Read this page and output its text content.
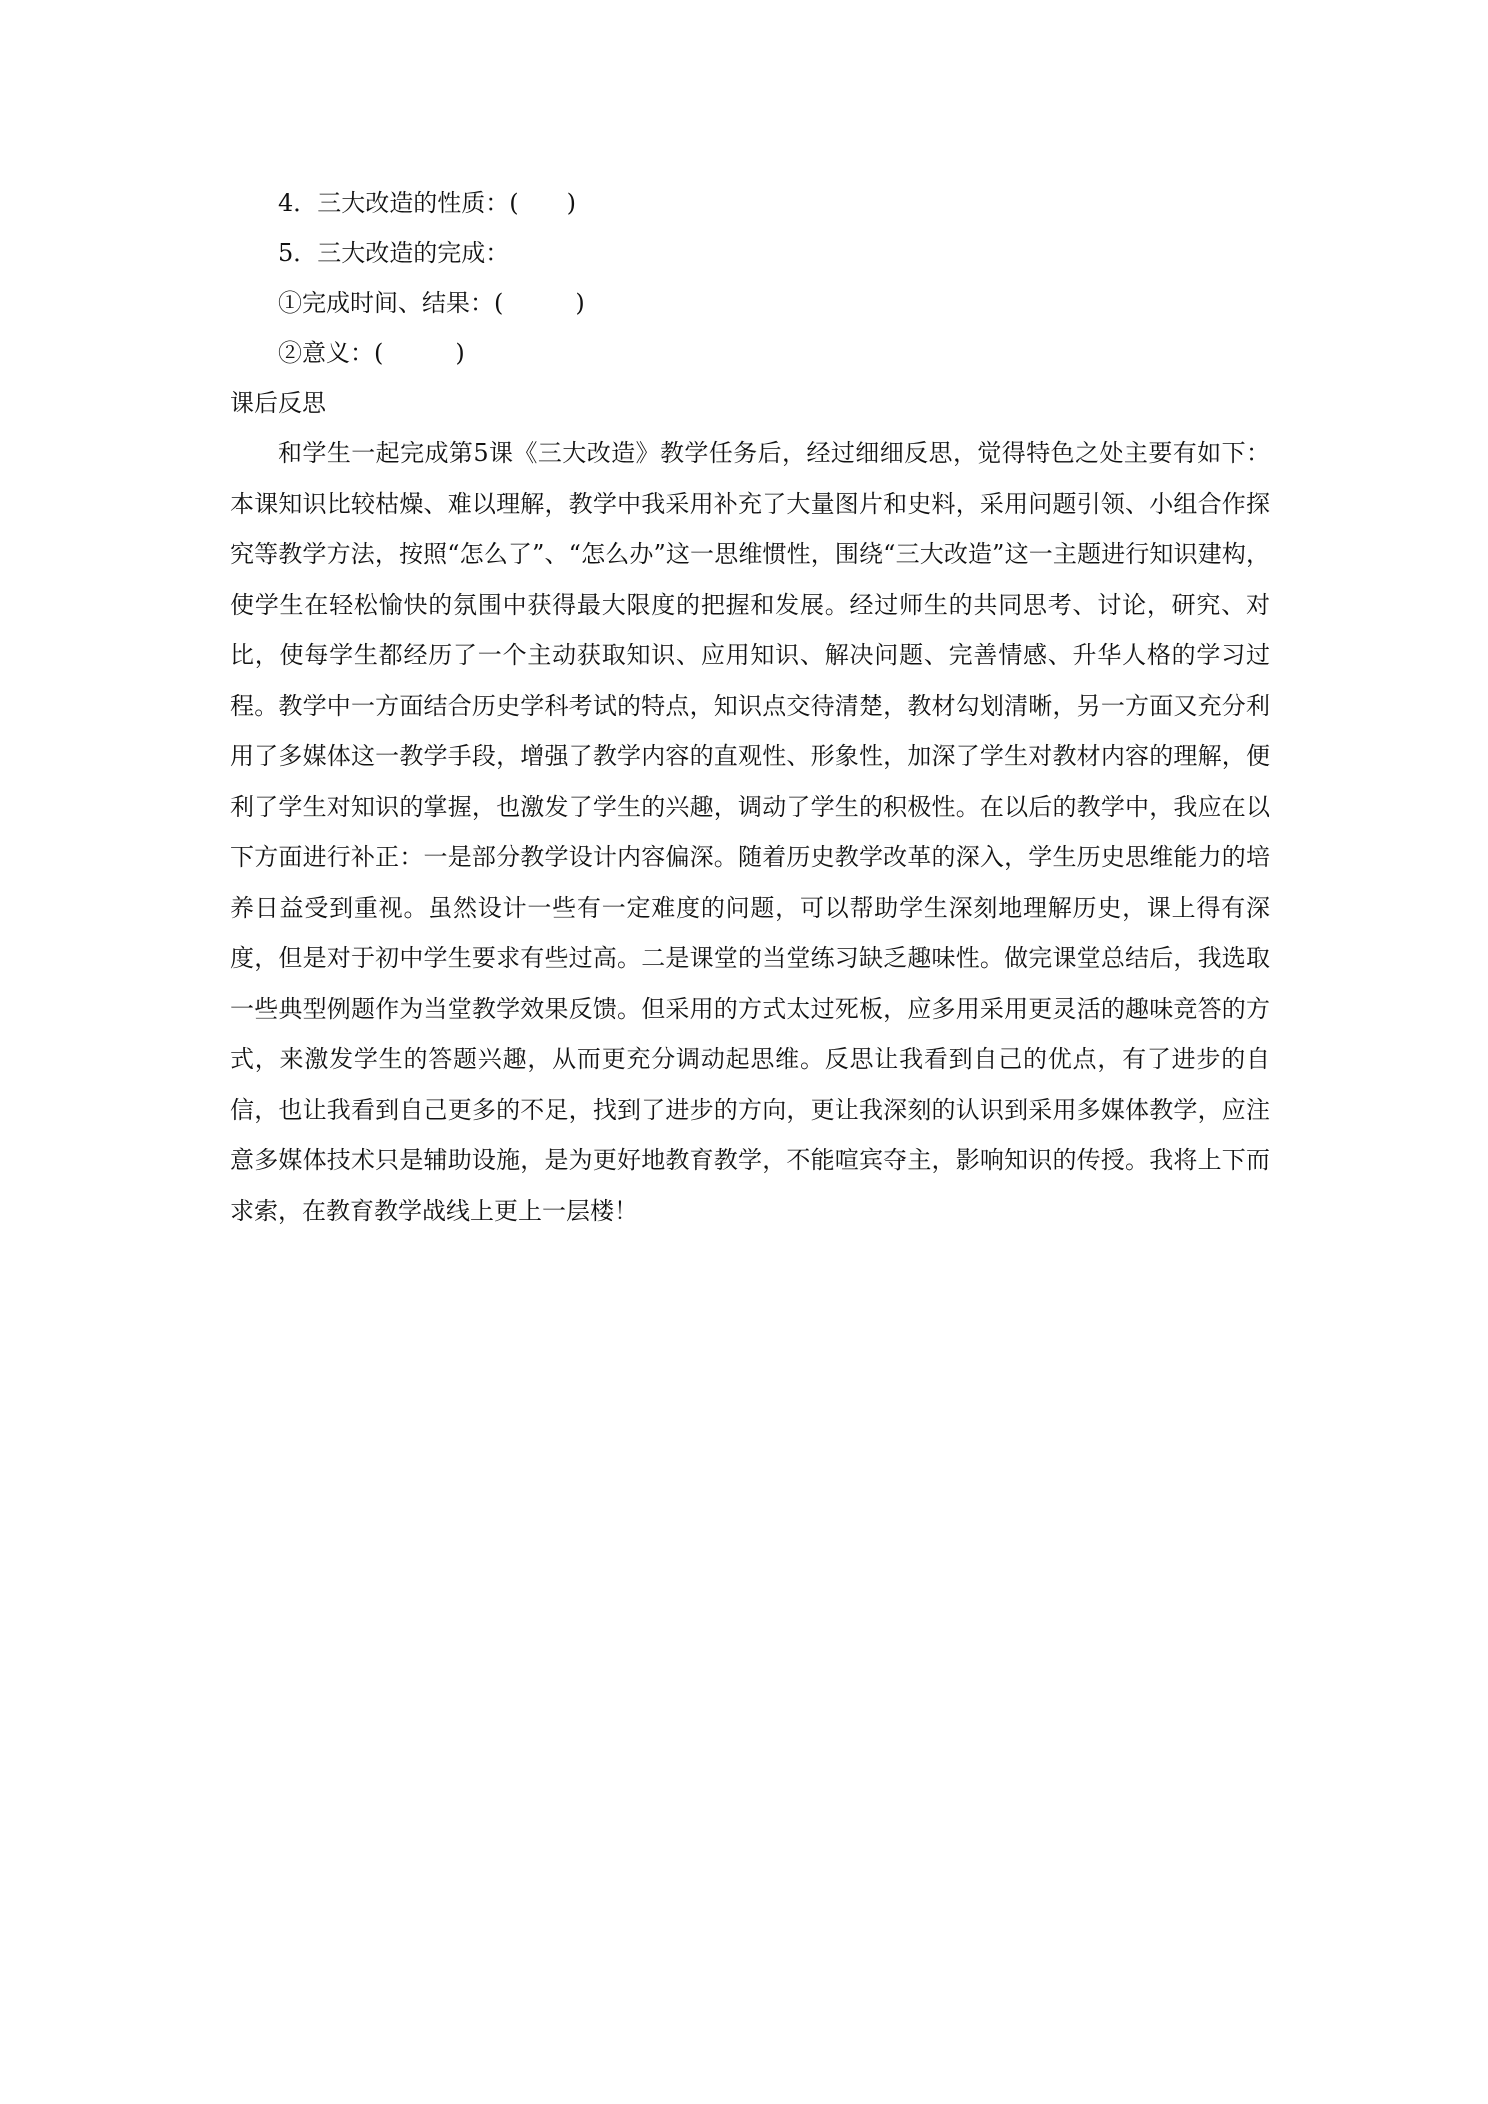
4．三大改造的性质：(　　)

5．三大改造的完成：

①完成时间、结果：(　　　)

②意义：(　　　)

课后反思

和学生一起完成第5课《三大改造》教学任务后，经过细细反思，觉得特色之处主要有如下：本课知识比较枯燥、难以理解，教学中我采用补充了大量图片和史料，采用问题引领、小组合作探究等教学方法，按照“怎么了”、“怎么办”这一思维惯性，围绕“三大改造”这一主题进行知识建构，使学生在轻松愉快的氛围中获得最大限度的把握和发展。经过师生的共同思考、讨论，研究、对比，使每学生都经历了一个主动获取知识、应用知识、解决问题、完善情感、升华人格的学习过程。教学中一方面结合历史学科考试的特点，知识点交待清楚，教材勾划清晰，另一方面又充分利用了多媒体这一教学手段，增强了教学内容的直观性、形象性，加深了学生对教材内容的理解，便利了学生对知识的掌握，也激发了学生的兴趣，调动了学生的积极性。在以后的教学中，我应在以下方面进行补正：一是部分教学设计内容偏深。随着历史教学改革的深入，学生历史思维能力的培养日益受到重视。虽然设计一些有一定难度的问题，可以帮助学生深刻地理解历史，课上得有深度，但是对于初中学生要求有些过高。二是课堂的当堂练习缺乏趣味性。做完课堂总结后，我选取一些典型例题作为当堂教学效果反馈。但采用的方式太过死板，应多用采用更灵活的趣味竞答的方式，来激发学生的答题兴趣，从而更充分调动起思维。反思让我看到自己的优点，有了进步的自信，也让我看到自己更多的不足，找到了进步的方向，更让我深刻的认识到采用多媒体教学，应注意多媒体技术只是辅助设施，是为更好地教育教学，不能喧宾夺主，影响知识的传授。我将上下而求索，在教育教学战线上更上一层楼！
